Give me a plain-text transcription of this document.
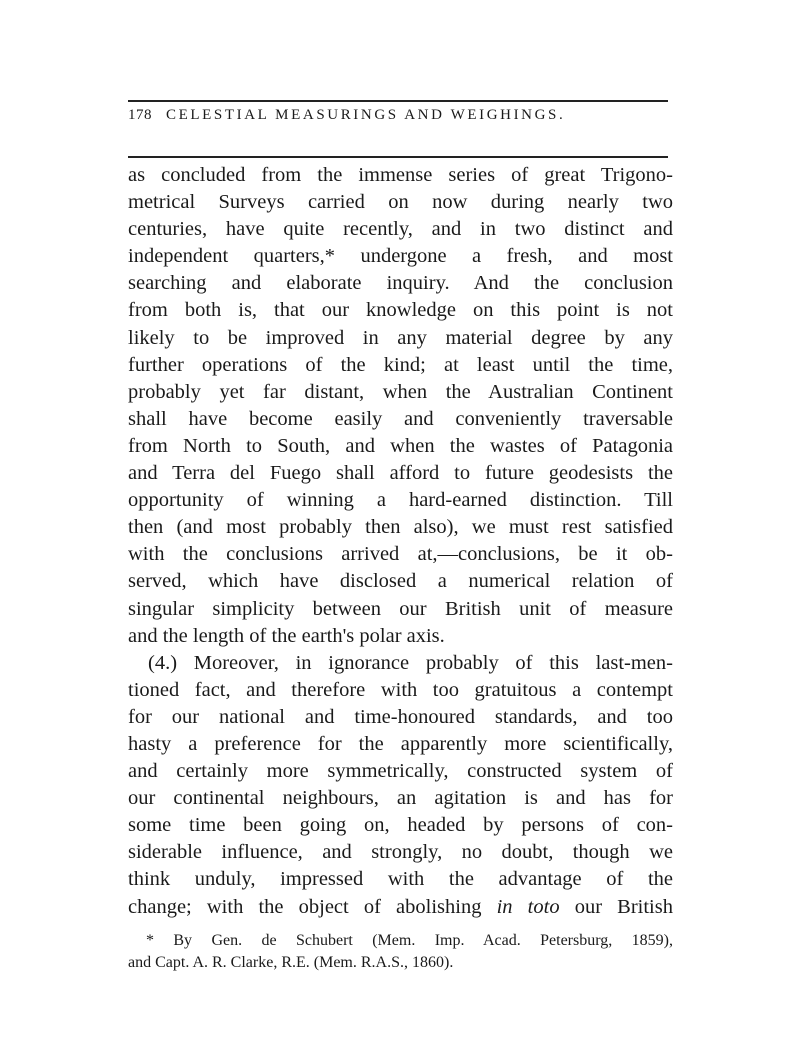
178 CELESTIAL MEASURINGS AND WEIGHINGS.
as concluded from the immense series of great Trigono-
metrical Surveys carried on now during nearly two
centuries, have quite recently, and in two distinct and
independent quarters,* undergone a fresh, and most
searching and elaborate inquiry. And the conclusion
from both is, that our knowledge on this point is not
likely to be improved in any material degree by any
further operations of the kind; at least until the time,
probably yet far distant, when the Australian Continent
shall have become easily and conveniently traversable
from North to South, and when the wastes of Patagonia
and Terra del Fuego shall afford to future geodesists the
opportunity of winning a hard-earned distinction. Till
then (and most probably then also), we must rest satisfied
with the conclusions arrived at,—conclusions, be it ob-
served, which have disclosed a numerical relation of
singular simplicity between our British unit of measure
and the length of the earth's polar axis.
(4.) Moreover, in ignorance probably of this last-men-
tioned fact, and therefore with too gratuitous a contempt
for our national and time-honoured standards, and too
hasty a preference for the apparently more scientifically,
and certainly more symmetrically, constructed system of
our continental neighbours, an agitation is and has for
some time been going on, headed by persons of con-
siderable influence, and strongly, no doubt, though we
think unduly, impressed with the advantage of the
change; with the object of abolishing in toto our British
* By Gen. de Schubert (Mem. Imp. Acad. Petersburg, 1859),
and Capt. A. R. Clarke, R.E. (Mem. R.A.S., 1860).
